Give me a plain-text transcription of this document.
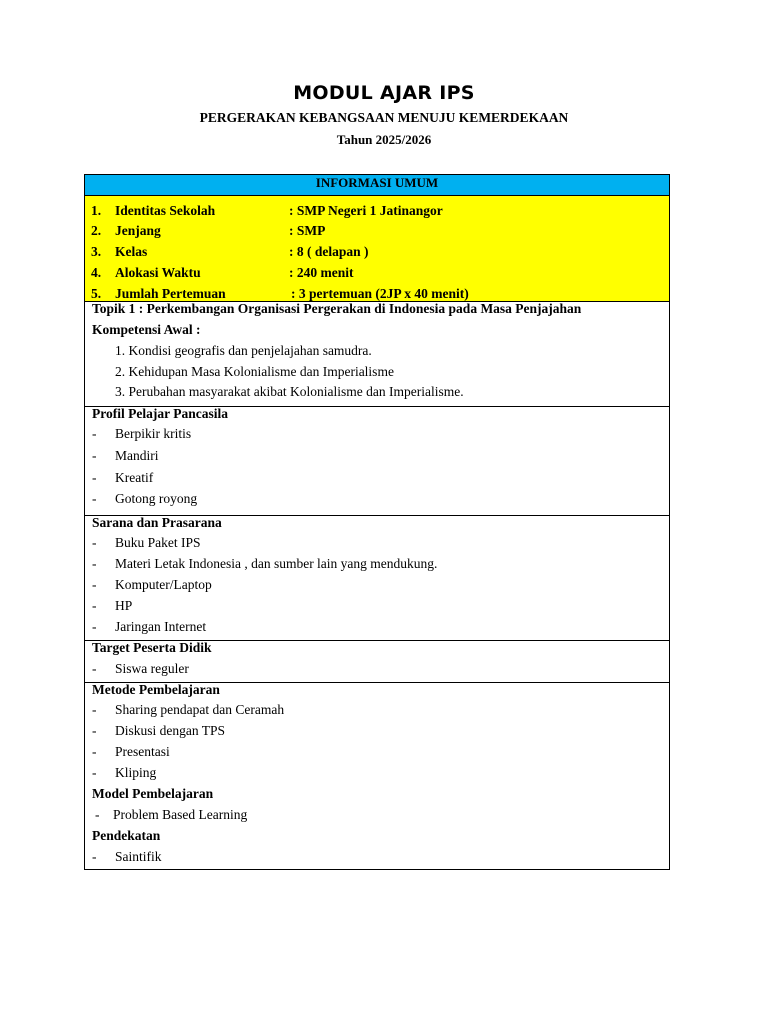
MODUL AJAR IPS
PERGERAKAN KEBANGSAAN MENUJU KEMERDEKAAN
Tahun 2025/2026
INFORMASI UMUM
1. Identitas Sekolah	: SMP Negeri 1 Jatinangor
2. Jenjang	: SMP
3. Kelas	: 8 ( delapan )
4. Alokasi Waktu	: 240 menit
5. Jumlah Pertemuan	: 3 pertemuan (2JP x 40 menit)
Topik 1 : Perkembangan Organisasi Pergerakan di Indonesia pada Masa Penjajahan
Kompetensi Awal :
1. Kondisi geografis dan penjelajahan samudra.
2. Kehidupan Masa Kolonialisme dan Imperialisme
3. Perubahan masyarakat akibat Kolonialisme dan Imperialisme.
Profil Pelajar Pancasila
- Berpikir kritis
- Mandiri
- Kreatif
- Gotong royong
Sarana dan Prasarana
- Buku Paket IPS
- Materi Letak Indonesia , dan sumber lain yang mendukung.
- Komputer/Laptop
- HP
- Jaringan Internet
Target Peserta Didik
- Siswa reguler
Metode Pembelajaran
- Sharing pendapat dan Ceramah
- Diskusi dengan TPS
- Presentasi
- Kliping
Model Pembelajaran
-    Problem Based Learning
Pendekatan
- Saintifik
